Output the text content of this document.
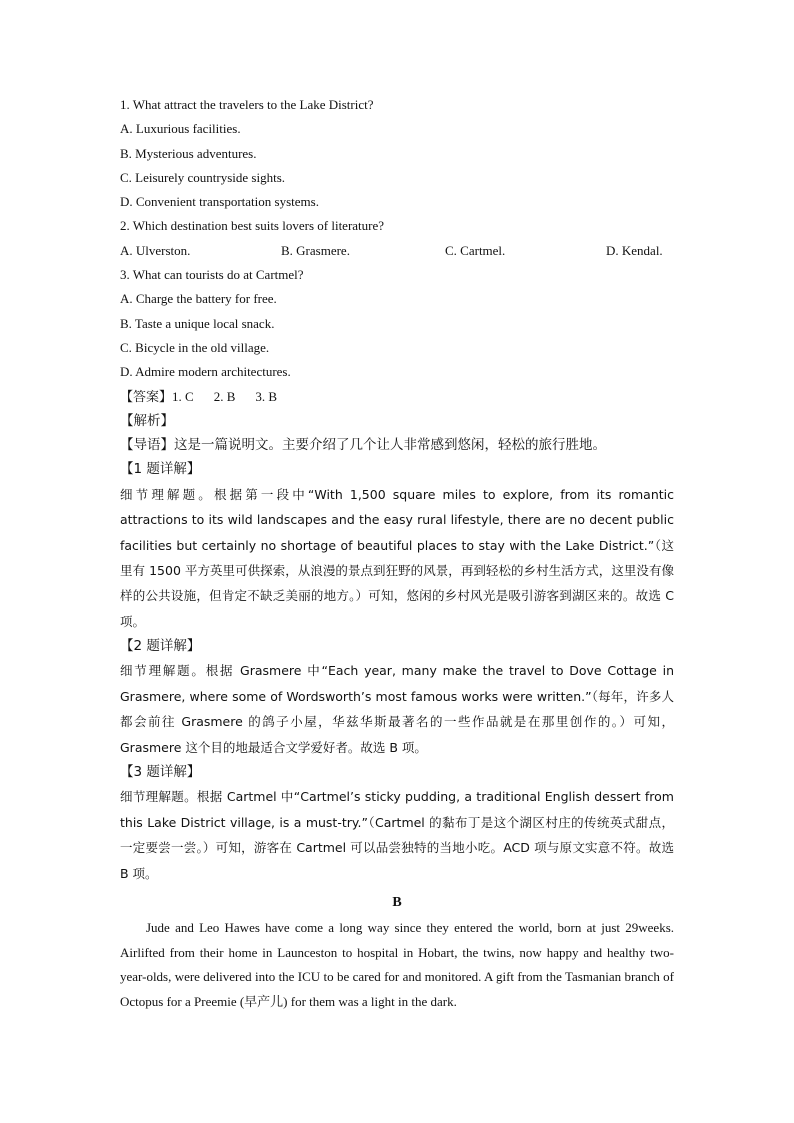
1. What attract the travelers to the Lake District?
A. Luxurious facilities.
B. Mysterious adventures.
C. Leisurely countryside sights.
D. Convenient transportation systems.
2. Which destination best suits lovers of literature?
A. Ulverston.	B. Grasmere.	C. Cartmel.	D. Kendal.
3. What can tourists do at Cartmel?
A. Charge the battery for free.
B. Taste a unique local snack.
C. Bicycle in the old village.
D. Admire modern architectures.
【答案】1. C 2. B 3. B
【解析】
【导语】这是一篇说明文。主要介绍了几个让人非常感到悠闲，轻松的旅行胜地。
【1 题详解】
细节理解题。根据第一段中“With 1,500 square miles to explore, from its romantic attractions to its wild landscapes and the easy rural lifestyle, there are no decent public facilities but certainly no shortage of beautiful places to stay with the Lake District.”（这里有 1500 平方英里可供探索，从浪漫的景点到狂野的风景，再到轻松的乡村生活方式，这里没有像样的公共设施，但肯定不缺乏美丽的地方。）可知，悠闲的乡村风光是吸引游客到湖区来的。故选 C 项。
【2 题详解】
细节理解题。根据 Grasmere 中“Each year, many make the travel to Dove Cottage in Grasmere, where some of Wordsworth’s most famous works were written.”（每年，许多人都会前往 Grasmere 的鸽子小屋，华兹华斯最著名的一些作品就是在那里创作的。）可知，Grasmere 这个目的地最适合文学爱好者。故选 B 项。
【3 题详解】
细节理解题。根据 Cartmel 中“Cartmel’s sticky pudding, a traditional English dessert from this Lake District village, is a must-try.”（Cartmel 的黏布丁是这个湖区村庄的传统英式甜点，一定要尝一尝。）可知，游客在 Cartmel 可以品尝独特的当地小吃。ACD 项与原文实意不符。故选 B 项。
B
Jude and Leo Hawes have come a long way since they entered the world, born at just 29weeks. Airlifted from their home in Launceston to hospital in Hobart, the twins, now happy and healthy two-year-olds, were delivered into the ICU to be cared for and monitored. A gift from the Tasmanian branch of Octopus for a Preemie (早产儿) for them was a light in the dark.
